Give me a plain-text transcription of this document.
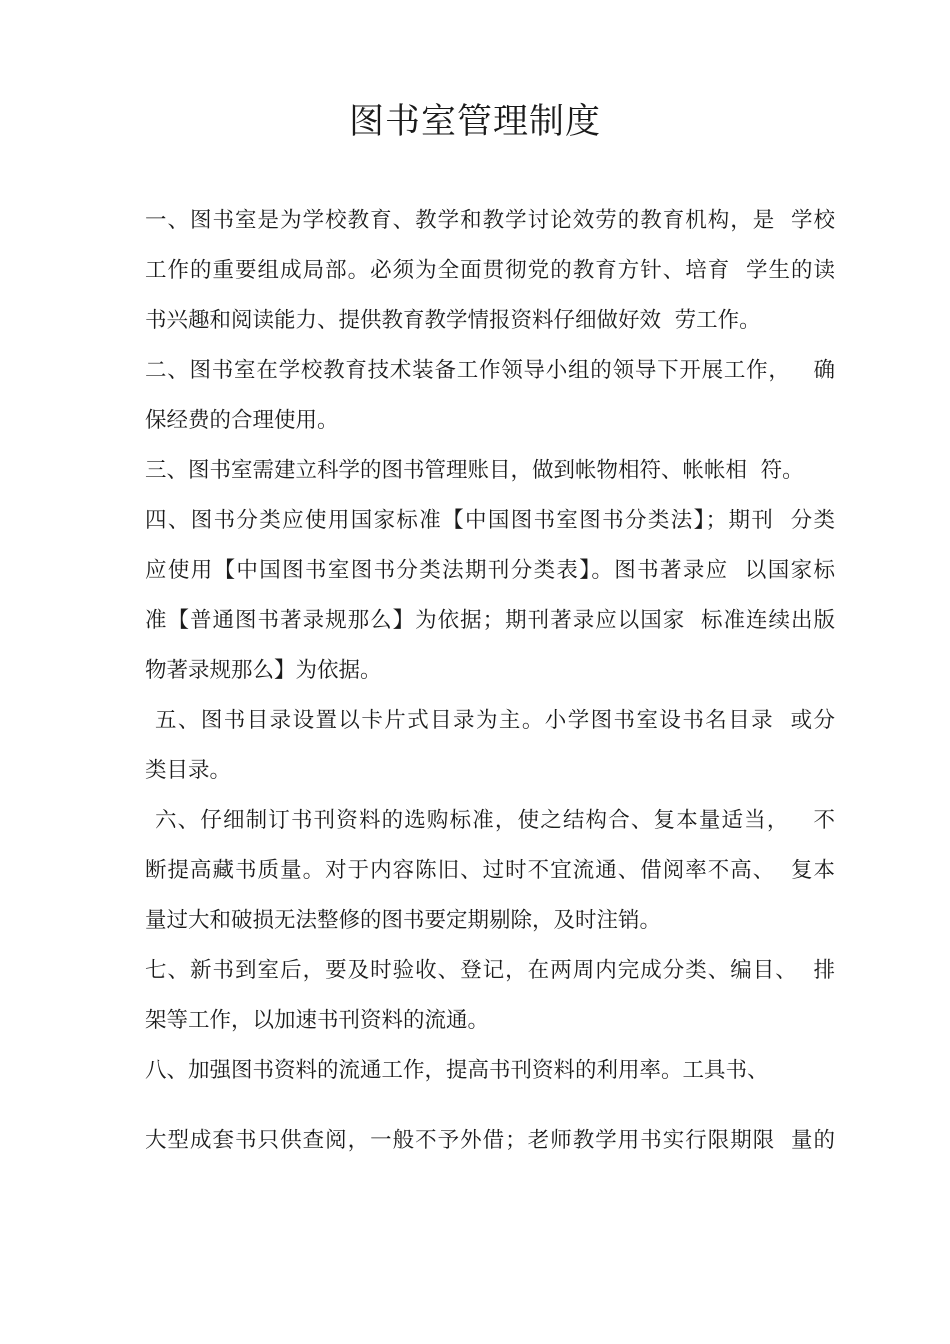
图书室管理制度
一、图书室是为学校教育、教学和教学讨论效劳的教育机构，是  学校
工作的重要组成局部。必须为全面贯彻党的教育方针、培育  学生的读
书兴趣和阅读能力、提供教育教学情报资料仔细做好效  劳工作。
二、图书室在学校教育技术装备工作领导小组的领导下开展工作，   确
保经费的合理使用。
三、图书室需建立科学的图书管理账目，做到帐物相符、帐帐相  符。
四、图书分类应使用国家标准【中国图书室图书分类法】；期刊  分类
应使用【中国图书室图书分类法期刊分类表】。图书著录应  以国家标
准【普通图书著录规那么】为依据；期刊著录应以国家  标准连续出版
物著录规那么】为依据。
五、图书目录设置以卡片式目录为主。小学图书室设书名目录  或分
类目录。
六、仔细制订书刊资料的选购标准，使之结构合、复本量适当，   不
断提高藏书质量。对于内容陈旧、过时不宜流通、借阅率不高、  复本
量过大和破损无法整修的图书要定期剔除，及时注销。
七、新书到室后，要及时验收、登记，在两周内完成分类、编目、  排
架等工作，以加速书刊资料的流通。
八、加强图书资料的流通工作，提高书刊资料的利用率。工具书、
大型成套书只供查阅，一般不予外借；老师教学用书实行限期限  量的
